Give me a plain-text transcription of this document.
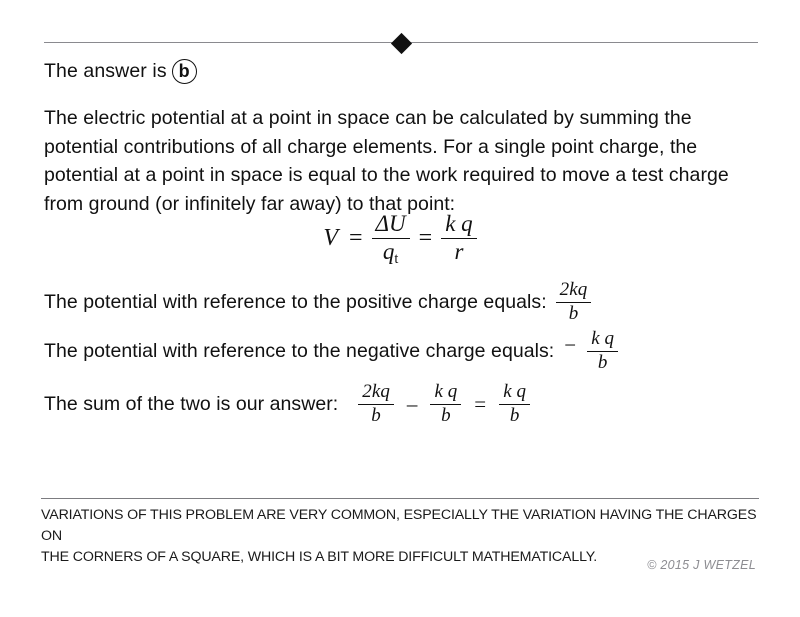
The answer is b
The electric potential at a point in space can be calculated by summing the
potential contributions of all charge elements. For a single point charge, the
potential at a point in space is equal to the work required to move a test charge
from ground (or infinitely far away) to that point:
$V = \frac{\Delta U}{q_t} = \frac{\text{k q}}{r}$
The potential with reference to the positive charge equals: $\frac{2kq}{b}$
The potential with reference to the negative charge equals: − $\frac{\text{k q}}{b}$
The sum of the two is our answer: $\frac{2kq}{b} - \frac{\text{k q}}{b} = \frac{\text{k q}}{b}$
VARIATIONS OF THIS PROBLEM ARE VERY COMMON, ESPECIALLY THE VARIATION HAVING THE CHARGES ON
THE CORNERS OF A SQUARE, WHICH IS A BIT MORE DIFFICULT MATHEMATICALLY.	© 2015 J WETZEL
